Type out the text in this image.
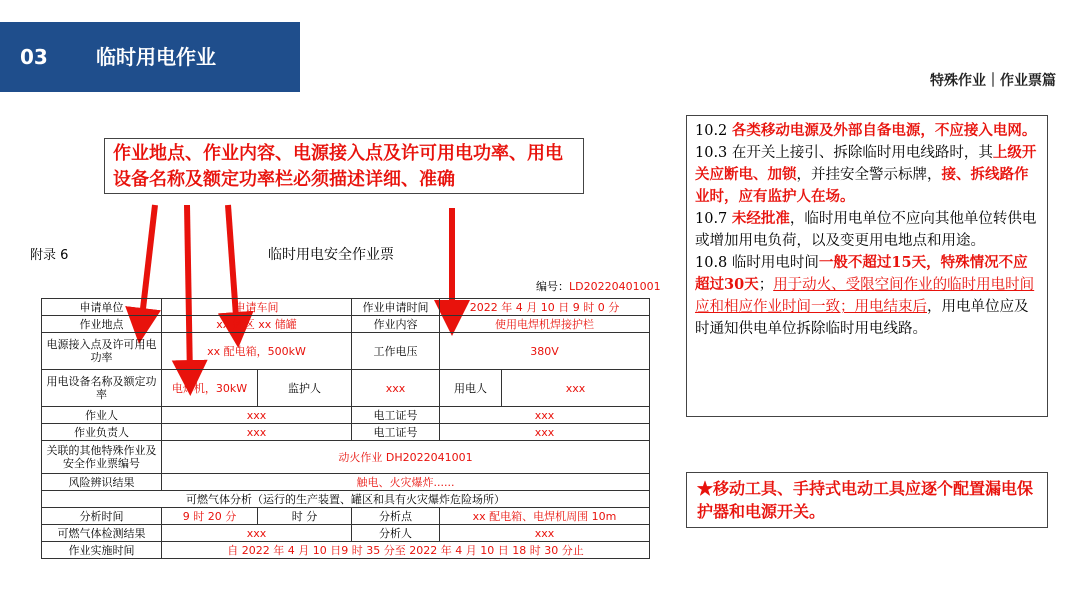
03 临时用电作业
特殊作业｜作业票篇
作业地点、作业内容、电源接入点及许可用电功率、用电设备名称及额定功率栏必须描述详细、准确
附录 6	临时用电安全作业票
编号：LD20220401001
申请单位	申请车间		作业申请时间	2022 年 4 月 10 日 9 时 0 分	
作业地点	xx 罐区 xx 储罐		作业内容	使用电焊机焊接护栏	
电源接入点及许可用电功率	xx 配电箱，500kW		工作电压	380V	
用电设备名称及额定功率	电焊机，30kW	监护人	xxx	用电人	xxx
作业人	xxx		电工证号	xxx	
作业负责人	xxx		电工证号	xxx	
关联的其他特殊作业及安全作业票编号	动火作业 DH2022041001				
风险辨识结果	触电、火灾爆炸......				
可燃气体分析（运行的生产装置、罐区和具有火灾爆炸危险场所）					
分析时间	9 时 20 分	时 分	分析点	xx 配电箱、电焊机周围 10m	
可燃气体检测结果	xxx		分析人	xxx	
作业实施时间	自 2022 年 4 月 10 日9 时 35 分至 2022 年 4 月 10 日 18 时 30 分止				
10.2 各类移动电源及外部自备电源，不应接入电网。
10.3 在开关上接引、拆除临时用电线路时，其上级开关应断电、加锁，并挂安全警示标牌，接、拆线路作业时，应有监护人在场。
10.7 未经批准，临时用电单位不应向其他单位转供电或增加用电负荷，以及变更用电地点和用途。
10.8 临时用电时间一般不超过15天，特殊情况不应超过30天；用于动火、受限空间作业的临时用电时间应和相应作业时间一致；用电结束后，用电单位应及时通知供电单位拆除临时用电线路。
★移动工具、手持式电动工具应逐个配置漏电保护器和电源开关。
